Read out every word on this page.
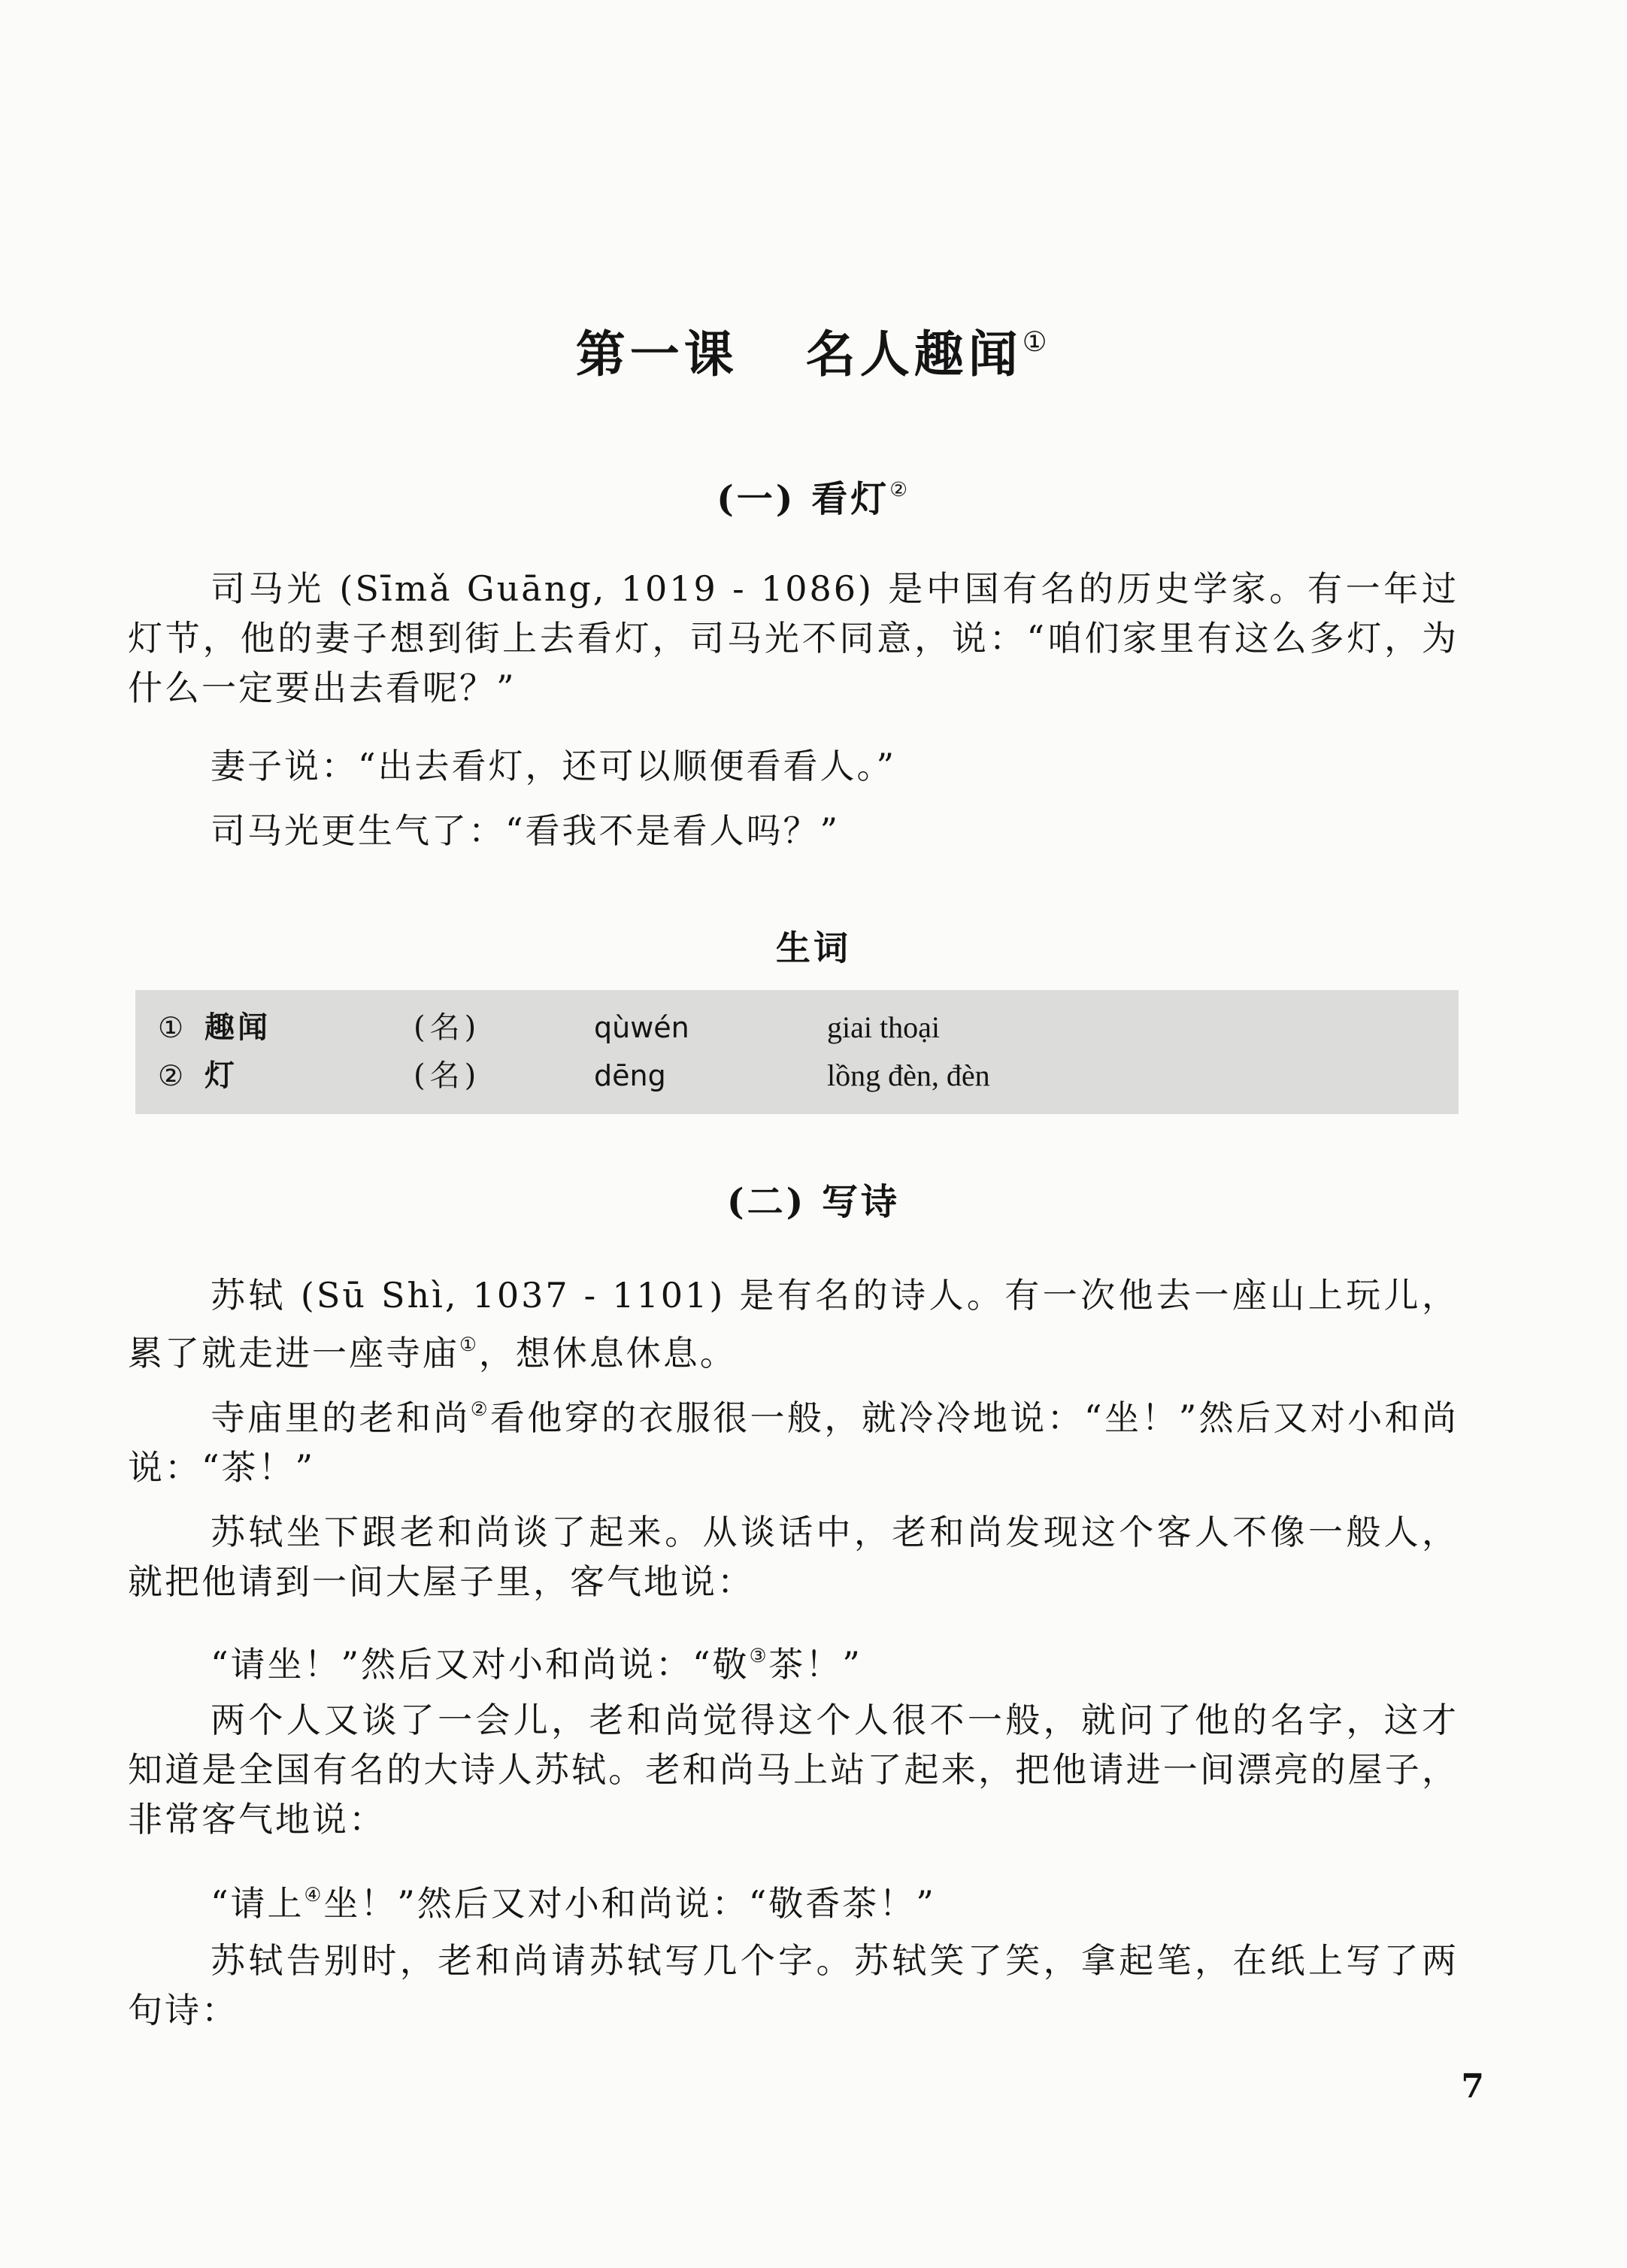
第一课 名人趣闻①
(一) 看灯②

司马光 (Sīmǎ Guāng, 1019 - 1086) 是中国有名的历史学家。有一年过灯节，他的妻子想到街上去看灯，司马光不同意，说：“咱们家里有这么多灯，为什么一定要出去看呢？”

妻子说：“出去看灯，还可以顺便看看人。”

司马光更生气了：“看我不是看人吗？”

生词
① 趣闻	(名)	qùwén	giai thoại
② 灯	(名)	dēng	lồng đèn, đèn
(二) 写诗

苏轼 (Sū Shì, 1037 - 1101) 是有名的诗人。有一次他去一座山上玩儿，累了就走进一座寺庙①，想休息休息。

寺庙里的老和尚②看他穿的衣服很一般，就冷冷地说：“坐！”然后又对小和尚说：“茶！”

苏轼坐下跟老和尚谈了起来。从谈话中，老和尚发现这个客人不像一般人，就把他请到一间大屋子里，客气地说：

“请坐！”然后又对小和尚说：“敬③茶！”

两个人又谈了一会儿，老和尚觉得这个人很不一般，就问了他的名字，这才知道是全国有名的大诗人苏轼。老和尚马上站了起来，把他请进一间漂亮的屋子，非常客气地说：

“请上④坐！”然后又对小和尚说：“敬香茶！”

苏轼告别时，老和尚请苏轼写几个字。苏轼笑了笑，拿起笔，在纸上写了两句诗：

7
